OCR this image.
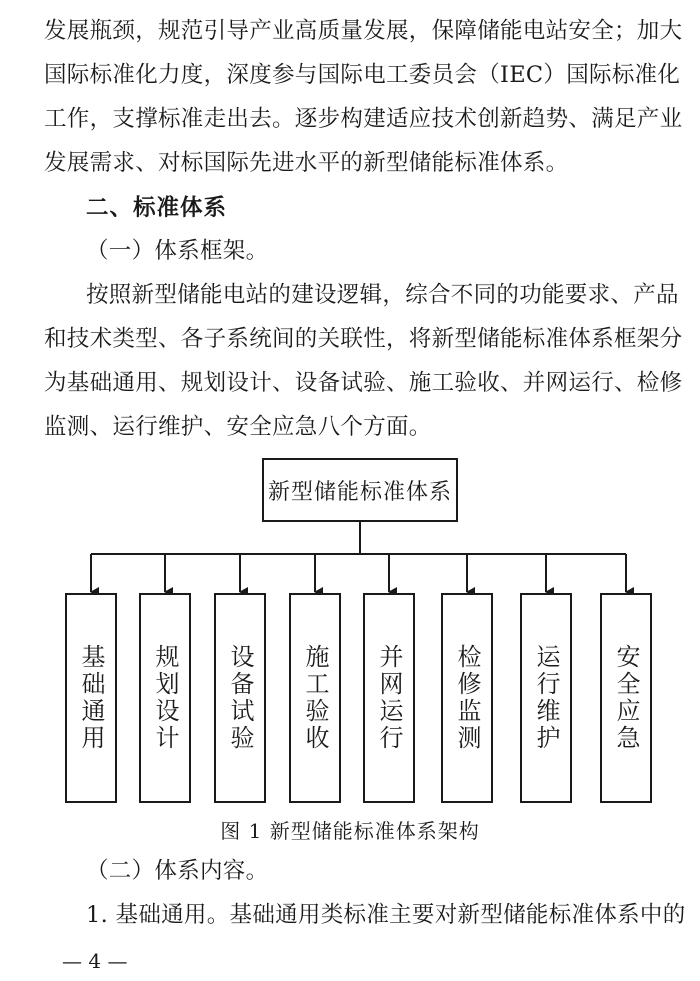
发展瓶颈，规范引导产业高质量发展，保障储能电站安全；加大
国际标准化力度，深度参与国际电工委员会（IEC）国际标准化
工作，支撑标准走出去。逐步构建适应技术创新趋势、满足产业
发展需求、对标国际先进水平的新型储能标准体系。
二、标准体系
（一）体系框架。
按照新型储能电站的建设逻辑，综合不同的功能要求、产品
和技术类型、各子系统间的关联性，将新型储能标准体系框架分
为基础通用、规划设计、设备试验、施工验收、并网运行、检修
监测、运行维护、安全应急八个方面。
新型储能标准体系
基础通用 规划设计 设备试验 施工验收 并网运行 检修监测 运行维护 安全应急
图 1 新型储能标准体系架构
（二）体系内容。
1. 基础通用。基础通用类标准主要对新型储能标准体系中的
— 4 —
